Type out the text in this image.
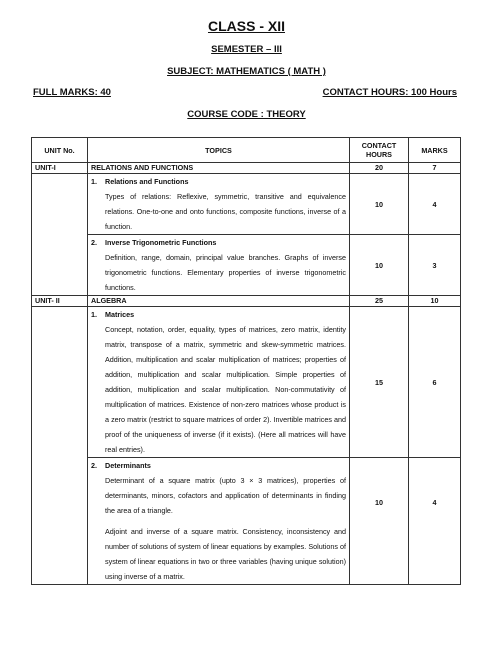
CLASS - XII
SEMESTER – III
SUBJECT: MATHEMATICS ( MATH )
FULL MARKS: 40	CONTACT HOURS: 100 Hours
COURSE CODE : THEORY
UNIT No.	TOPICS	CONTACT HOURS	MARKS
UNIT-I	RELATIONS AND FUNCTIONS	20	7

	1. Relations and Functions

Types of relations: Reflexive, symmetric, transitive and equivalence relations. One-to-one and onto functions, composite functions, inverse of a function.	10	4

	2. Inverse Trigonometric Functions

Definition, range, domain, principal value branches. Graphs of inverse trigonometric functions. Elementary properties of inverse trigonometric functions.	10	3
UNIT- II	ALGEBRA	25	10

	1. Matrices

Concept, notation, order, equality, types of matrices, zero matrix, identity matrix, transpose of a matrix, symmetric and skew-symmetric matrices. Addition, multiplication and scalar multiplication of matrices; properties of addition, multiplication and scalar multiplication. Simple properties of addition, multiplication and scalar multiplication. Non-commutativity of multiplication of matrices. Existence of non-zero matrices whose product is a zero matrix (restrict to square matrices of order 2). Invertible matrices and proof of the uniqueness of inverse (if it exists). (Here all matrices will have real entries).	15	6

	2. Determinants

Determinant of a square matrix (upto 3 × 3 matrices), properties of determinants, minors, cofactors and application of determinants in finding the area of a triangle.

Adjoint and inverse of a square matrix. Consistency, inconsistency and number of solutions of system of linear equations by examples. Solutions of system of linear equations in two or three variables (having unique solution) using inverse of a matrix.	10	4
